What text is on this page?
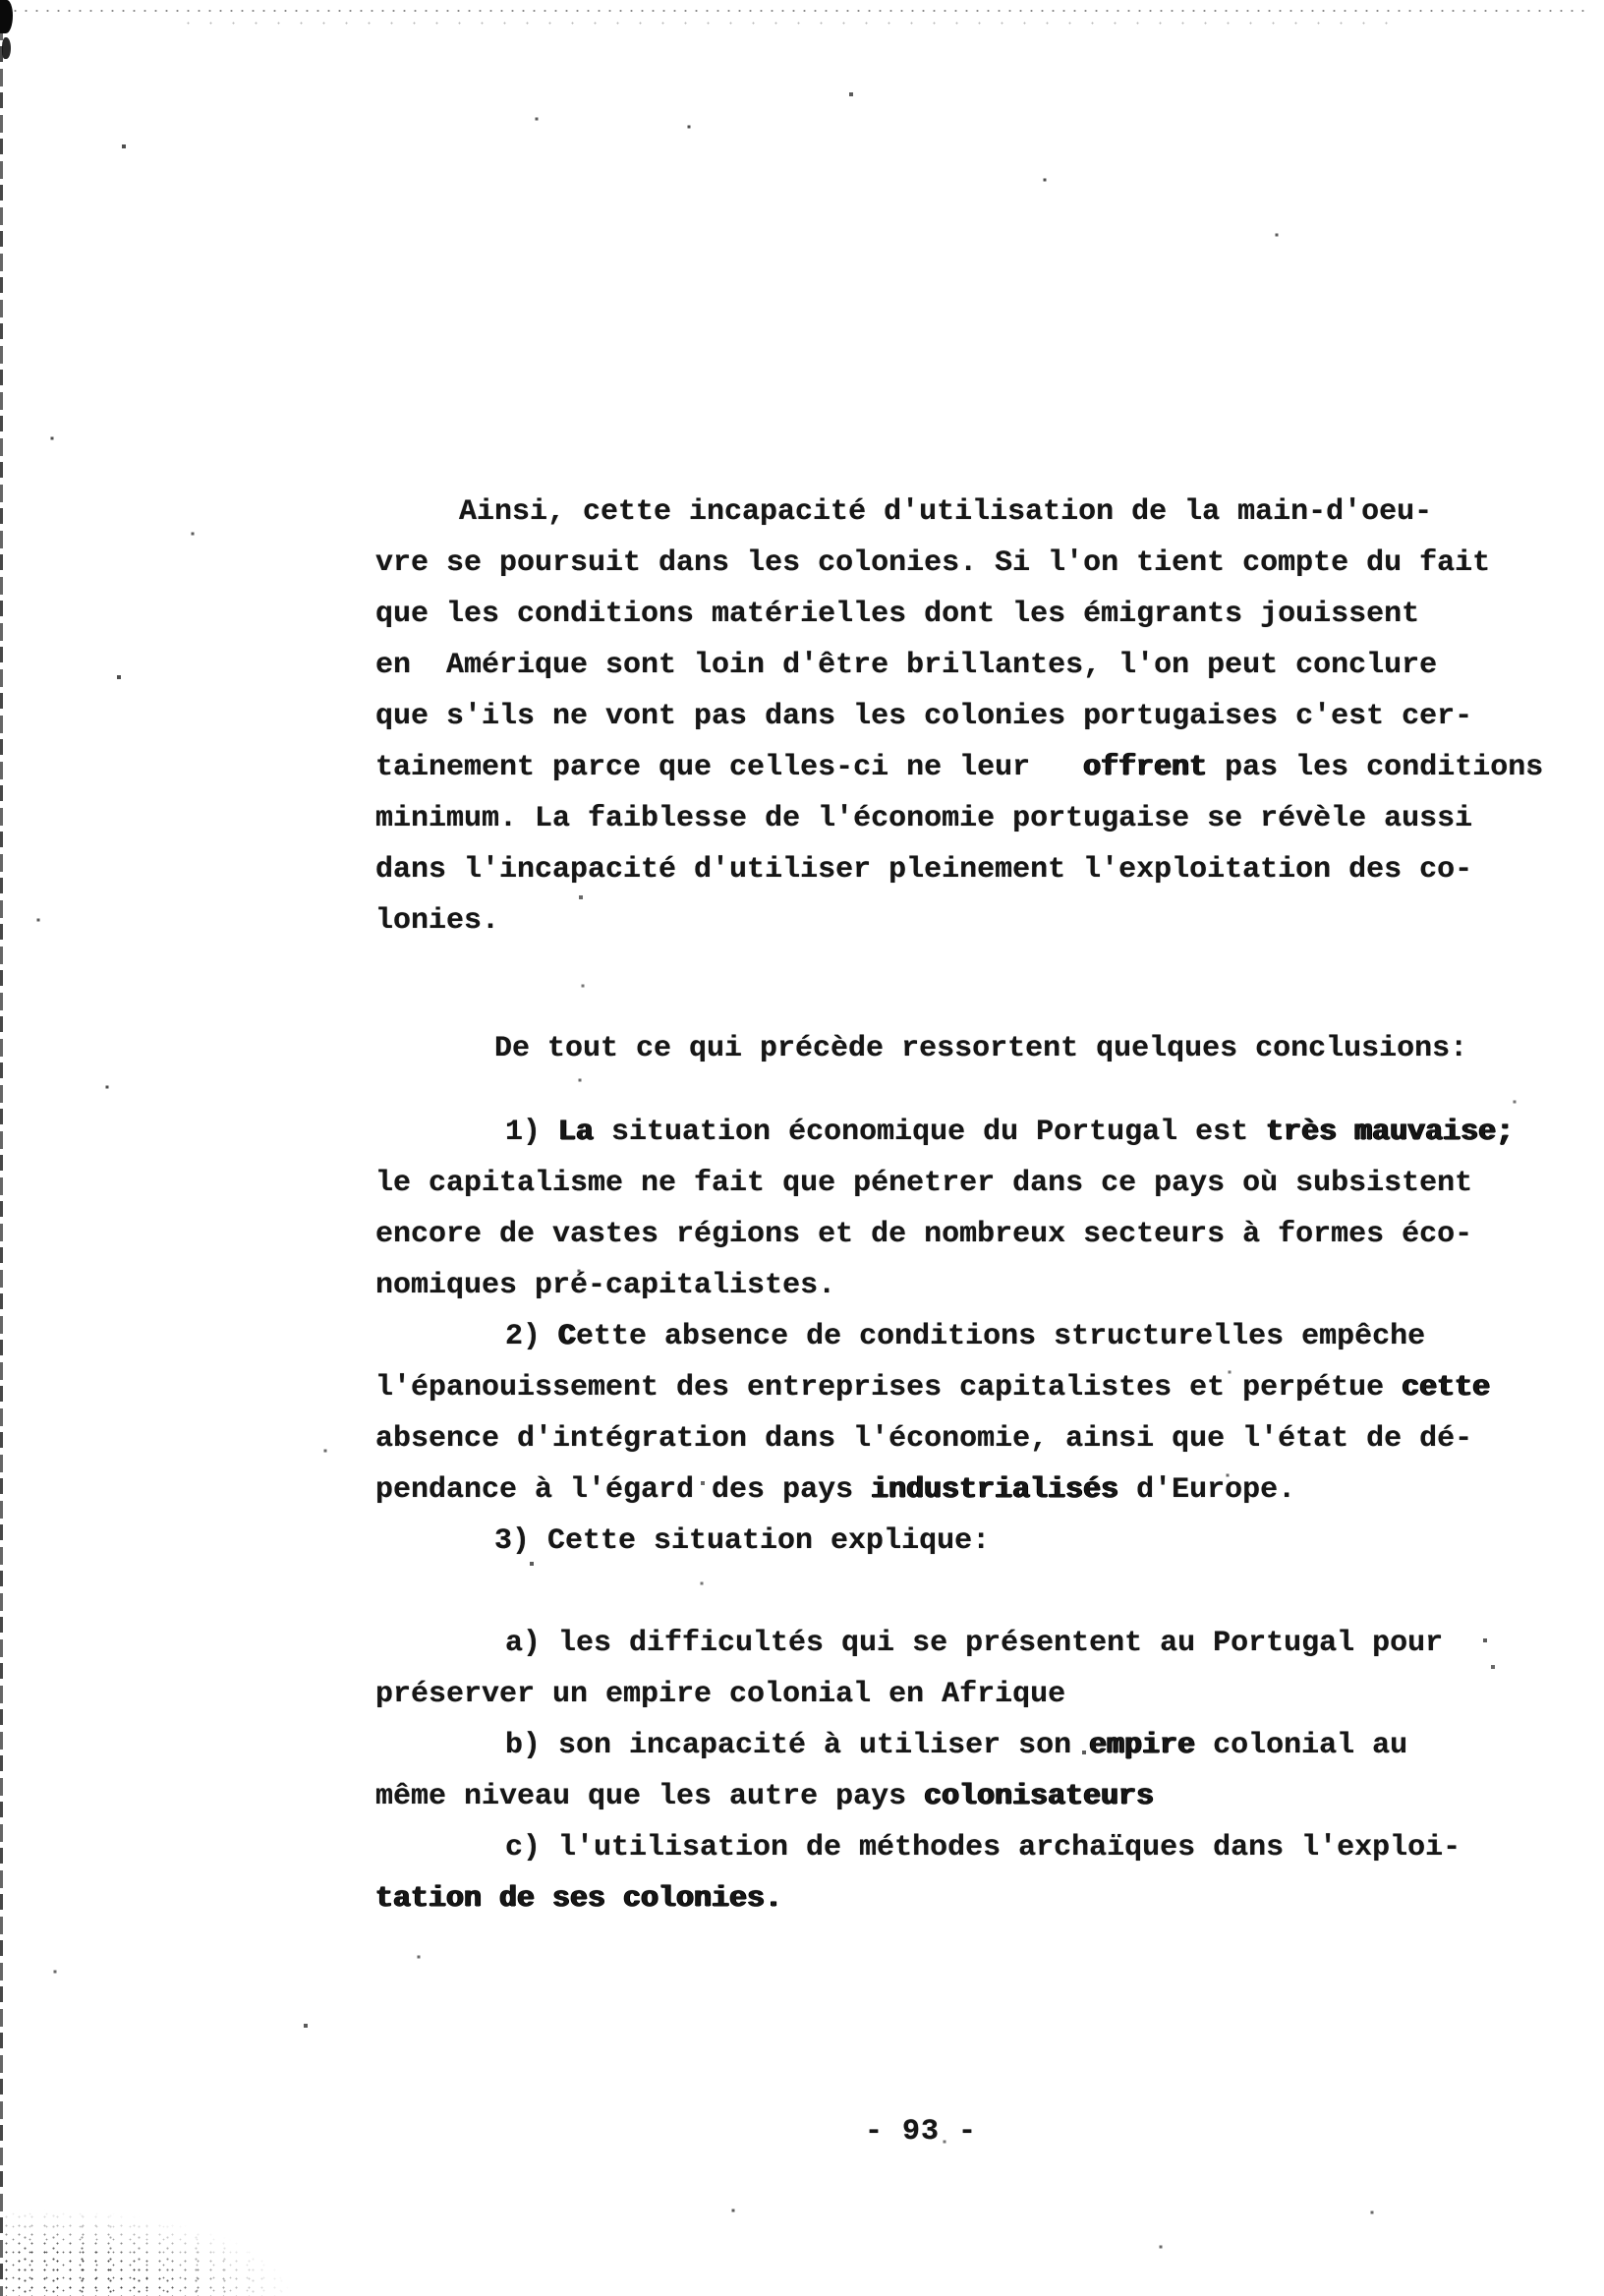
Ainsi, cette incapacité d'utilisation de la main-d'oeu-
vre se poursuit dans les colonies. Si l'on tient compte du fait
que les conditions matérielles dont les émigrants jouissent
en  Amérique sont loin d'être brillantes, l'on peut conclure
que s'ils ne vont pas dans les colonies portugaises c'est cer-
tainement parce que celles-ci ne leur   offrent pas les conditions
minimum. La faiblesse de l'économie portugaise se révèle aussi
dans l'incapacité d'utiliser pleinement l'exploitation des co-
lonies.
De tout ce qui précède ressortent quelques conclusions:
1) La situation économique du Portugal est très mauvaise;
le capitalisme ne fait que pénetrer dans ce pays où subsistent
encore de vastes régions et de nombreux secteurs à formes éco-
nomiques pré-capitalistes.
2) Cette absence de conditions structurelles empêche
l'épanouissement des entreprises capitalistes et perpétue cette
absence d'intégration dans l'économie, ainsi que l'état de dé-
pendance à l'égard des pays industrialisés d'Europe.
3) Cette situation explique:
a) les difficultés qui se présentent au Portugal pour
préserver un empire colonial en Afrique
b) son incapacité à utiliser son empire colonial au
même niveau que les autre pays colonisateurs
c) l'utilisation de méthodes archaïques dans l'exploi-
tation de ses colonies.
- 93 -
